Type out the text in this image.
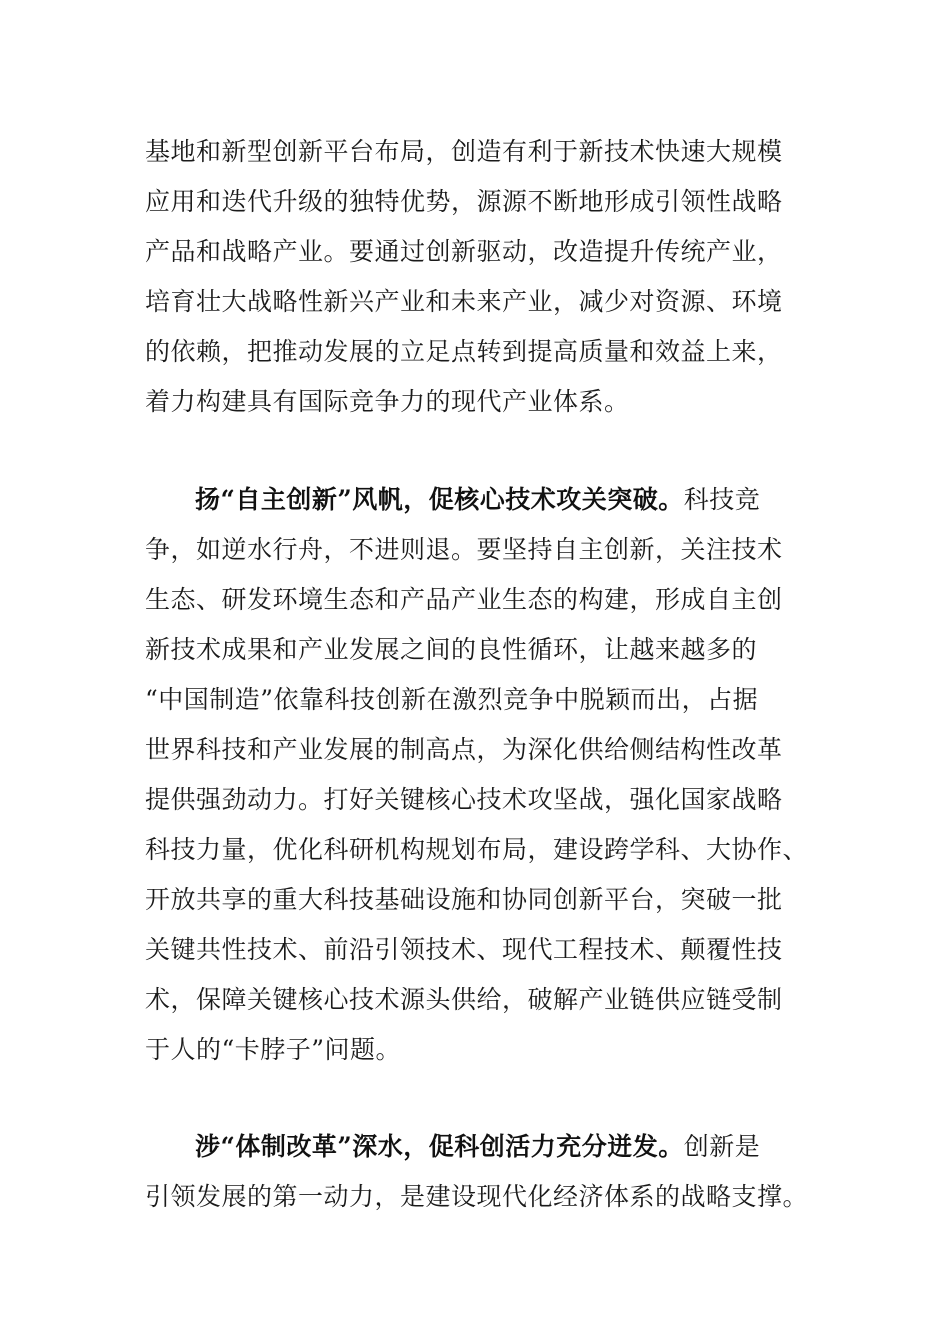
基地和新型创新平台布局，创造有利于新技术快速大规模
应用和迭代升级的独特优势，源源不断地形成引领性战略
产品和战略产业。要通过创新驱动，改造提升传统产业，
培育壮大战略性新兴产业和未来产业，减少对资源、环境
的依赖，把推动发展的立足点转到提高质量和效益上来，
着力构建具有国际竞争力的现代产业体系。
扬“自主创新”风帆，促核心技术攻关突破。科技竞
争，如逆水行舟，不进则退。要坚持自主创新，关注技术
生态、研发环境生态和产品产业生态的构建，形成自主创
新技术成果和产业发展之间的良性循环，让越来越多的
“中国制造”依靠科技创新在激烈竞争中脱颖而出，占据
世界科技和产业发展的制高点，为深化供给侧结构性改革
提供强劲动力。打好关键核心技术攻坚战，强化国家战略
科技力量，优化科研机构规划布局，建设跨学科、大协作、
开放共享的重大科技基础设施和协同创新平台，突破一批
关键共性技术、前沿引领技术、现代工程技术、颠覆性技
术，保障关键核心技术源头供给，破解产业链供应链受制
于人的“卡脖子”问题。
涉“体制改革”深水，促科创活力充分迸发。创新是
引领发展的第一动力，是建设现代化经济体系的战略支撑。
